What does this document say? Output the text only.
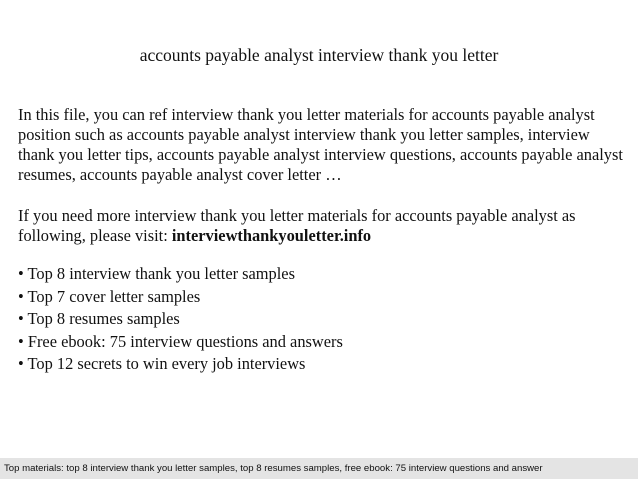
accounts payable analyst interview thank you letter

In this file, you can ref interview thank you letter materials for accounts payable analyst position such as accounts payable analyst interview thank you letter samples, interview thank you letter tips, accounts payable analyst interview questions, accounts payable analyst resumes, accounts payable analyst cover letter …

If you need more interview thank you letter materials for accounts payable analyst as following, please visit: interviewthankyouletter.info

• Top 8 interview thank you letter samples
• Top 7 cover letter samples
• Top 8 resumes samples
• Free ebook: 75 interview questions and answers
• Top 12 secrets to win every job interviews
Top materials: top 8 interview thank you letter samples, top 8 resumes samples, free ebook: 75 interview questions and answer
